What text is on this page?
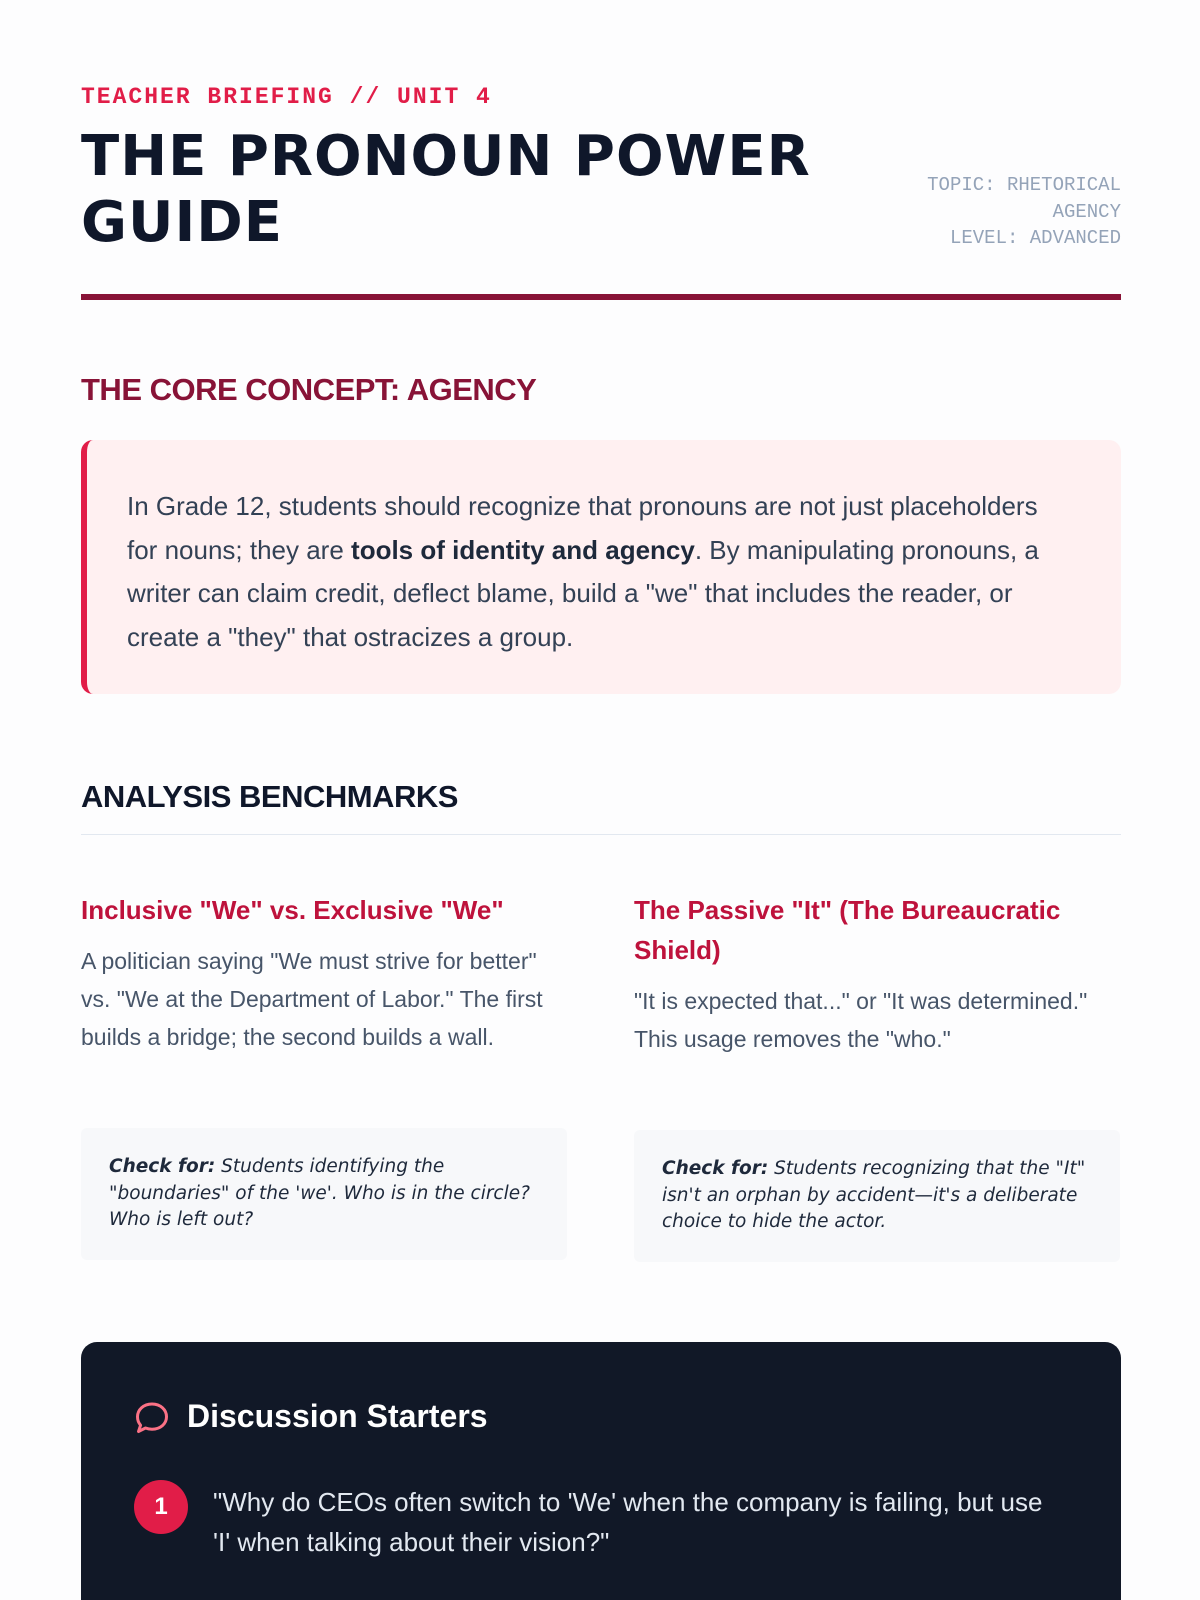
TEACHER BRIEFING // UNIT 4
THE PRONOUN POWER GUIDE
TOPIC: RHETORICAL AGENCY
LEVEL: ADVANCED
THE CORE CONCEPT: AGENCY
In Grade 12, students should recognize that pronouns are not just placeholders for nouns; they are tools of identity and agency. By manipulating pronouns, a writer can claim credit, deflect blame, build a "we" that includes the reader, or create a "they" that ostracizes a group.
ANALYSIS BENCHMARKS
Inclusive "We" vs. Exclusive "We"

A politician saying "We must strive for better" vs. "We at the Department of Labor." The first builds a bridge; the second builds a wall.

Check for: Students identifying the "boundaries" of the 'we'. Who is in the circle? Who is left out?
The Passive "It" (The Bureaucratic Shield)

"It is expected that..." or "It was determined." This usage removes the "who."

Check for: Students recognizing that the "It" isn't an orphan by accident—it's a deliberate choice to hide the actor.
Discussion Starters
1	"Why do CEOs often switch to 'We' when the company is failing, but use 'I' when talking about their vision?"
